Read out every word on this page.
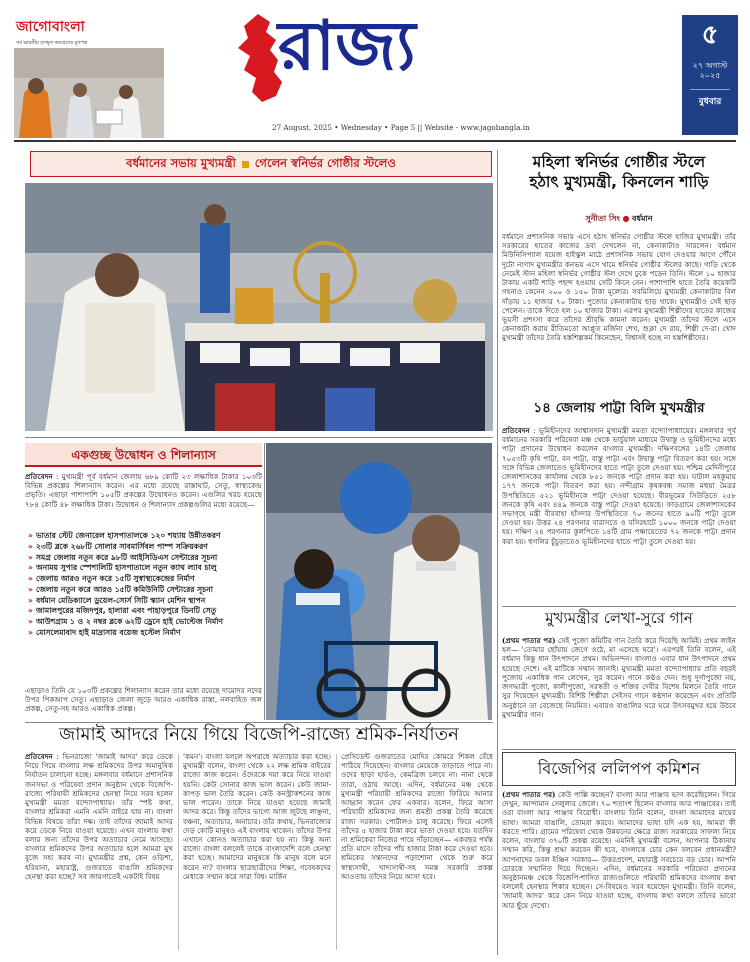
জাগোবাংলা
সর্ব ভারতীয় তৃণমূল কংগ্রেসের মুখপত্র	রাজ্য
27 August, 2025 • Wednesday • Page 5 || Website - www.jagobangla.in
৫
২৭ অগাস্ট ২০২৫
বুধবার
বর্ধমানের সভায় মুখ্যমন্ত্রী গেলেন স্বনির্ভর গোষ্ঠীর স্টলেও	মহিলা স্বনির্ভর গোষ্ঠীর স্টলে
হঠাৎ মুখ্যমন্ত্রী, কিনলেন শাড়ি
সুনীতা সিং ● বর্ধমান
বর্ধমানে প্রশাসনিক সভায় এসে হঠাৎ স্বনির্ভর গোষ্ঠীর স্টলে হাজির মুখ্যমন্ত্রী। তাঁর সরকারের হাতের কাজের দ্রব্য দেখলেন না, কেনাকাটাও সারলেন। বর্ধমান মিউনিসিপ্যাল বয়েজ হাইস্কুল মাঠে প্রশাসনিক সভায় যোগ দেওয়ার আগে পৌঁনে দুটো নাগাদ মুখ্যমন্ত্রীর কনভয় এসে থামে স্বনির্ভর গোষ্ঠীর স্টলের কাছে। গাড়ি থেকে নেমেই স্টান মহিলা স্বনির্ভর গোষ্ঠীর স্টল দেখে ঢুকে পড়েন তিনি। স্টলে ১০ হাজার টাকায় একটি শাড়ি পছন্দ হওয়ায় সেটি কিনে নেন। পাশাপাশি হাতে তৈরি কয়েকটি গহনাও কেনেন ২০০ ও ১৫০ টাকা মূল্যের। সবমিলিয়ে মুখ্যমন্ত্রী কেনাকাটার বিল দাঁড়ায় ১১ হাজার ৭০ টাকা। পুজোর কেনাকাটায় ছাড় থাকে। মুখ্যমন্ত্রীও সেই ছাড় পেলেন। তাকে দিতে হল ১০ হাজার টাকা। এরপর মুখ্যমন্ত্রী শিল্পীদের হাতের কাজের ভূয়সী প্রশংসা করে তাঁদের শ্রীবৃদ্ধি কামনা করেন। মুখ্যমন্ত্রী তাঁদের স্টলে এসে কেনাকাটা করায় রীতিমতো আপ্লুত মর্জিনা শেখ, শুক্লা দে রায়, শিল্পী দে-রা। খোদ মুখ্যমন্ত্রী তাঁদের তৈরি হস্তশিল্পকর্ম কিনেছেন, বিশ্বাসই হচ্ছে না হস্তশিল্পীদের।
১৪ জেলায় পাট্টা বিলি মুখমন্ত্রীর
প্রতিবেদন : ভূমিহীনদের আশ্বাসদান মুখ্যমন্ত্রী মমতা বন্দ্যোপাধ্যায়ের। মঙ্গলবার পূর্ব বর্ধমানের সরকারি পরিষেবা মঞ্চ থেকে ভার্চুয়াল মাধ্যমে উদ্বাস্তু ও ভূমিহীনদের মধ্যে পাট্টা প্রদানের উদ্বোধন করলেন বাংলার মুখ্যমন্ত্রী। দক্ষিণবঙ্গের ১৪টি জেলায় ৭০৫৩টি কৃষি পাট্টা, বন পাট্টা, বাস্তু পাট্টা এবং উদ্বাস্তু পাট্টা বিতরণ করা হয়। সঙ্গে সঙ্গে বিভিন্ন জেলাতেও ভূমিহীনদের হাতে পাট্টা তুলে দেওয়া হয়। পশ্চিম মেদিনীপুরে জেলাশাসকের কার্যালয় থেকে ৮৫১ জনকে পাট্টা প্রদান করা হয়। ঘাটাল মহকুমায় ১৭৭ জনকে পাট্টা বিতরণ করা হয়। নন্দীগ্রাম কৃষকবন্ধ সমাজ মহুয়া মৈত্রর উপস্থিতিতে ৫২১ ভূমিহীনকে পাট্টা দেওয়া হয়েছে। বীরভূমের সিউড়িতে ২৫৮ জনকে কৃষি এবং ৪৪৯ জনকে বাস্তু পাট্টা দেওয়া হয়েছে। ফাড়গ্রামে জেলাশাসকের সভাগৃহে মন্ত্রী বীরবাহা হাঁসদার উপস্থিতিতে ৭০ জনের হাতে ৯০টি পাট্টা তুলে দেওয়া হয়। উত্তর ২৪ পরগনার বারাসতে ও বসিরহাটে ১০০০ জনকে পাট্টা দেওয়া হয়। দক্ষিণ ২৪ পরগনার কুলপিতে ১৪টি গ্রাম পঞ্চায়েতের ৭২ জনকে পাট্টা প্রদান করা হয়। হুগলির চুঁচুড়াতেও ভূমিহীনদের হাতে পাট্টা তুলে দেওয়া হয়।
একগুচ্ছ উদ্বোধন ও শিলান্যাস
প্রতিবেদন : মুখ্যমন্ত্রী পূর্ব বর্ধমান জেলায় ৬৮৯ কোটি ২৩ লক্ষাধিক টাকার ১০৩টি বিভিন্ন প্রকল্পের শিলান্যাস করেন। এর মধ্যে রয়েছে রাস্তাঘাট, সেতু, স্বাস্থ্যকেন্দ্র প্রভৃতি। এছাড়া পাশাপাশি ১০৫টি প্রকল্পের উদ্বোধনও করেন। এগুলির খরচ হয়েছে ৭৮৪ কোটি ৪৮ লক্ষাধিক টাকা। উদ্বোধন ও শিলান্যাস প্রকল্পগুলির মধ্যে রয়েছে—
» ভাতার স্টেট জেনারেল হাসপাতালকে ১২০ শয্যায় উন্নীতকরণ
» ২৩টি ব্লকে ২৬৮টি সোলার সাবমার্সিবল পাম্প সক্রিয়করণ
» সমগ্র জেলায় নতুন করে ৯৮টি আইসিডিএস সেন্টারের সূচনা
» অনাময় সুপার স্পেশালিটি হাসপাতালে নতুন ক্যাথ ল্যাব চালু
» জেলায় আরও নতুন করে ১৫টি সুস্বাস্থ্যকেন্দ্রের নির্মাণ
» জেলায় নতুন করে আরও ১৫টি কমিউনিটি সেন্টারের সূচনা
» বর্ধমান মেডিক্যালে ডুয়েল-সোর্স সিটি স্ক্যান মেশিন স্থাপন
» জামালপুরের মজিদপুর, হালারা এবং পাহাড়পুরে ডিনটি সেতু
» আউশগ্রাম ১ ও ২ নম্বর ব্লকে ৬২টি ড্রেনে হাই ভোল্টেজ নির্মাণ
» মোসলেমাবাদ হাই মাদ্রাসায় বয়েজ হস্টেল নির্মাণ
এছাড়াও তিনি যে ১০৩টি প্রকল্পের শিলান্যাস করেন তার মধ্যে রয়েছে দামোদর নদের উপর পিকআপ সেতু। এছাড়াও জেলা জুড়ে আরও একাধিক রাস্তা, নলবাহিত জল প্রকল্প, সেতু-সহ আরও একাধিক প্রকল্প।
মুখ্যমন্ত্রীর লেখা-সুরে গান
(প্রথম পাতার পর) সেই পুজো কমিটির গান তৈরি করে দিয়েছি আমিই। প্রথম লাইন হল— 'তোমার ছোঁয়ায় জেগে ওঠে, মা এসেছে ঘরে'। এরপরই তিনি বলেন, এই বর্ধমান কিন্তু ধান উৎপাদনে প্রথম। অভিনন্দন। বাংলাও এবার ধান উৎপাদনে প্রথম হয়েছে দেশে। এই মাটিকে সম্মান জানাই। মুখ্যমন্ত্রী মমতা বন্দ্যোপাধ্যায় প্রতি বছরই পুজোয় একাধিক গান লেখেন, সুর করেন। গানে কণ্ঠও দেন। শুধু দুর্গাপুজো নয়, জগদ্ধাত্রী পুজো, কালীপুজো, সরস্বতী ও শক্তির দেবীর বিশেষ মিলনে তৈরি গানে সুর দিয়েছেন মুখ্যমন্ত্রী। বিশিষ্ট শিল্পীরা সেইসব গানে কণ্ঠদান করেছেন এবং প্রতিটি অনুষ্ঠানে তা বেজেছে নিয়মিত। এবারও বাঙালির ঘরে ঘরে উৎসবমুখর হয়ে উঠবে মুখ্যমন্ত্রীর গান।
বিজেপির ললিপপ কমিশন
(প্রথম পাতার পর) কেউ পাল্লি কচ্ছেন? বাংলা আর পাঞ্জাব ভাগ করেছিলেন। গিয়ে দেখুন, আন্দামান সেলুলার জেলে। ৭০ শতাংশ ছিলেন বাংলার আর পাঞ্জাবের। তাই ওরা বাংলা আর পাঞ্জাব বিরোধী। বাংলায় তিনি বলেন, বাংলা আমাদের মায়ের ভাষা। আমরা বাঙালি, তোমরা করবে। আমাদের ভাষা যদি এক হয়, আমরা কী করতে পারি। গ্রামের পরিষেবা থেকে উন্নয়নের ক্ষেত্রে রাজ্য সরকারের সাফল্য নিয়ে বলেন, বাংলায় ৩৭০টি প্রকল্প রয়েছে। এমনিই মুখ্যমন্ত্রী বলেন, আপনার ঠিকানায় সম্মান করি, কিন্তু শ্রদ্ধা করবেন কী হবে, বাংলাকে চোর কেন বলবেন প্রধানমন্ত্রী? আপনাদের ডবল ইঞ্জিন সরকার— উত্তরপ্রদেশ, মহারাষ্ট্র সবচেয়ে বড় চোর। আপনি চোরকে সম্মানিত দিয়ে দিচ্ছেন। এদিন, বর্ধমানের সরকারি পরিষেবা প্রদানের অনুষ্ঠানমঞ্চ থেকে বিজেপি-শাসিত রাজ্যগুলিতে পরিযায়ী শ্রমিকদের বাংলায় কথা বললেই হেনস্থার শিকার হচ্ছেন। সে-বিষয়েও সরব হয়েছেন মুখ্যমন্ত্রী। তিনি বলেন, 'জামাই আদর' করে কেন নিয়ে যাওয়া হচ্ছে, বাংলায় কথা বললে তাঁদের ভাবো আর ছুঁয়ে দেখো।
জামাই আদরে নিয়ে গিয়ে বিজেপি-রাজ্যে শ্রমিক-নির্যাতন
প্রতিবেদন : ভিনরাজ্যে 'জামাই আদর' করে ডেকে নিয়ে গিয়ে বাংলার লক্ষ শ্রমিকদের উপর অমানুষিক নির্যাতন চালানো হচ্ছে। মঙ্গলবার বর্ধমানে প্রশাসনিক জনসভা ও পরিষেবা প্রদান অনুষ্ঠান থেকে বিজেপি-রাজ্যে পরিযায়ী শ্রমিকদের হেনস্থা নিয়ে সরব হলেন মুখ্যমন্ত্রী মমতা বন্দ্যোপাধ্যায়। তাঁর স্পষ্ট কথা, বাংলার শ্রমিকরা এমনি এমনি বাইরে যায় না। বাংলা বিভিন্ন বিষয়ে তাঁরা দক্ষ। তাই তাঁদের জামাই আদর করে ডেকে নিয়ে যাওয়া হয়েছে। এখন বাংলায় কথা বলার জন্য তাঁদের উপর অত্যাচার নেমে আসছে। বাংলার শ্রমিকদের উপর অত্যাচার হলে আমরা মুখ বুজে সহ্য করব না। মুখ্যমন্ত্রীর প্রশ্ন, কেন ওড়িশা, হরিয়ানা, মহারাষ্ট্র, গুজরাতে বাঙালি শ্রমিকদের হেনস্থা করা হচ্ছে? সব জায়গাতেই একটাই বিষয়
'কমন'। বাংলা বললে অপরাধে অত্যাচার করা হচ্ছে। মুখ্যমন্ত্রী বলেন, বাংলা থেকে ২২ লক্ষ শ্রমিক বাইরের রাজ্যে কাজ করেন। ওঁদেরকে দয়া করে নিয়ে যাওয়া হয়নি। কেউ সোনার কাজ ভাল করেন। কেউ জামা-কাপড় ভাল তৈরি করেন। কেউ কনস্ট্রাকশনের কাজ ভাল পারেন। তাকে নিয়ে যাওয়া হয়েছে জামাই আদর করে। কিন্তু তাঁদের ভাগ্যে আজ জুটছে লাঞ্ছনা, বঞ্চনা, অত্যাচার, অনাচার। তাঁর কথায়, ভিনরাজ্যের দেড় কোটি মানুষও এই বাংলায় থাকেন। তাঁদের উপর এখানে কোনও অত্যাচার করা হয় না। কিন্তু অন্য রাজ্যে বাংলা বললেই তাকে বাংলাদেশি বলে হেনস্থা করা হচ্ছে। আমাদের মানুষকে কি মানুষ বলে মনে করেন না? বাংলার ছাত্রছাত্রীদের শিক্ষা, গবেষকদের মেধাকে সম্মান করে সারা বিশ্ব। মার্কিন
প্রেসিডেন্ট গুজরাতের মোদির কোমরে শিকল বেঁধে পাঠিয়ে দিয়েছেন। বাংলার মেয়েকে তাড়াতে পারে না। ওদের ছাড়া হার্ডও, কেমব্রিজ চলবে না। নানা থেকে তারা, ওঠায় আছে। এদিন, বর্ধমানের মঞ্চ থেকে মুখ্যমন্ত্রী পরিযায়ী শ্রমিকদের রাজ্যে ফিরিয়ে আনার আহ্বান করেন ফের একবার। বলেন, ফিরে আসা পরিযায়ী শ্রমিকদের জন্য শ্রমশ্রী প্রকল্প তৈরি করেছে রাজ্য সরকার। পোর্টালও চালু করেছে। ফিরে এলেই তাঁদের ৫ হাজার টাকা করে ভাতা দেওয়া হবে। যতদিন না শ্রমিকেরা নিজের পায়ে দাঁড়াচ্ছেন— একবছর পর্যন্ত প্রতি মাসে তাঁদের পাঁচ হাজার টাকা করে দেওয়া হবে। শ্রমিকের সন্তানদের পড়াশোনা থেকে শুরু করে স্বাস্থ্যসাথী, খাদ্যসাথী-সহ সমস্ত সরকারি প্রকল্প আওতায় তাঁদের নিয়ে আসা হবে।
